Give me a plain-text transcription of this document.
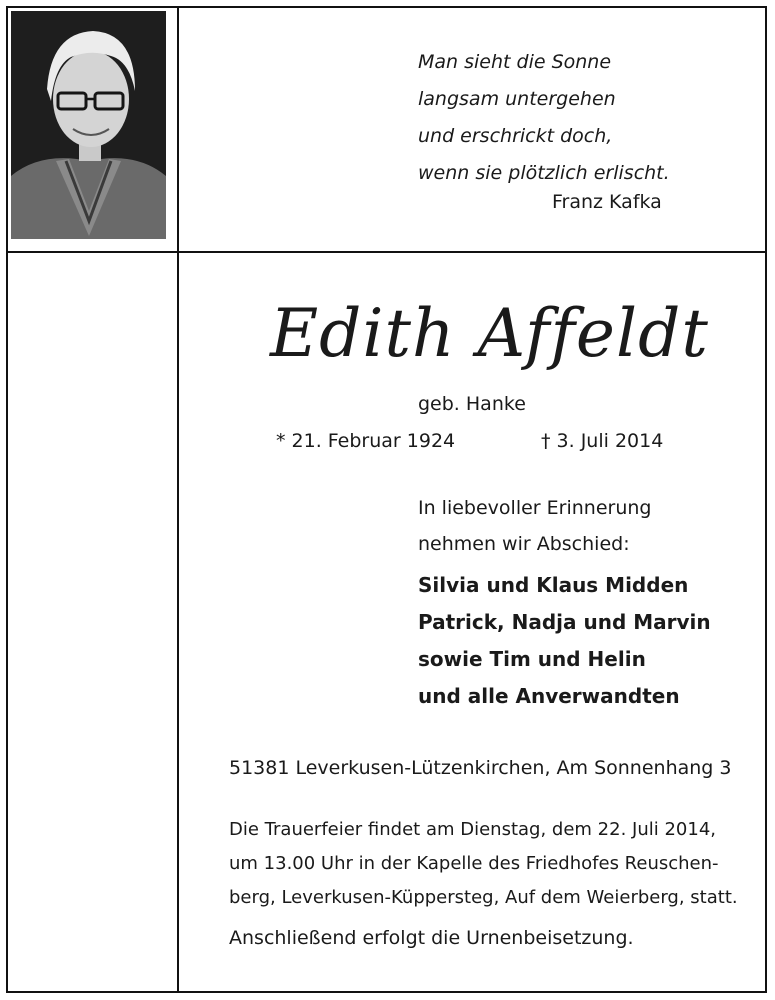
Man sieht die Sonne
langsam untergehen
und erschrickt doch,
wenn sie plötzlich erlischt.
Franz Kafka
Edith Affeldt
geb. Hanke
* 21. Februar 1924	† 3. Juli 2014
In liebevoller Erinnerung
nehmen wir Abschied:
Silvia und Klaus Midden
Patrick, Nadja und Marvin
sowie Tim und Helin
und alle Anverwandten
51381 Leverkusen-Lützenkirchen, Am Sonnenhang 3
Die Trauerfeier findet am Dienstag, dem 22. Juli 2014,
um 13.00 Uhr in der Kapelle des Friedhofes Reuschen-
berg, Leverkusen-Küppersteg, Auf dem Weierberg, statt.
Anschließend erfolgt die Urnenbeisetzung.
